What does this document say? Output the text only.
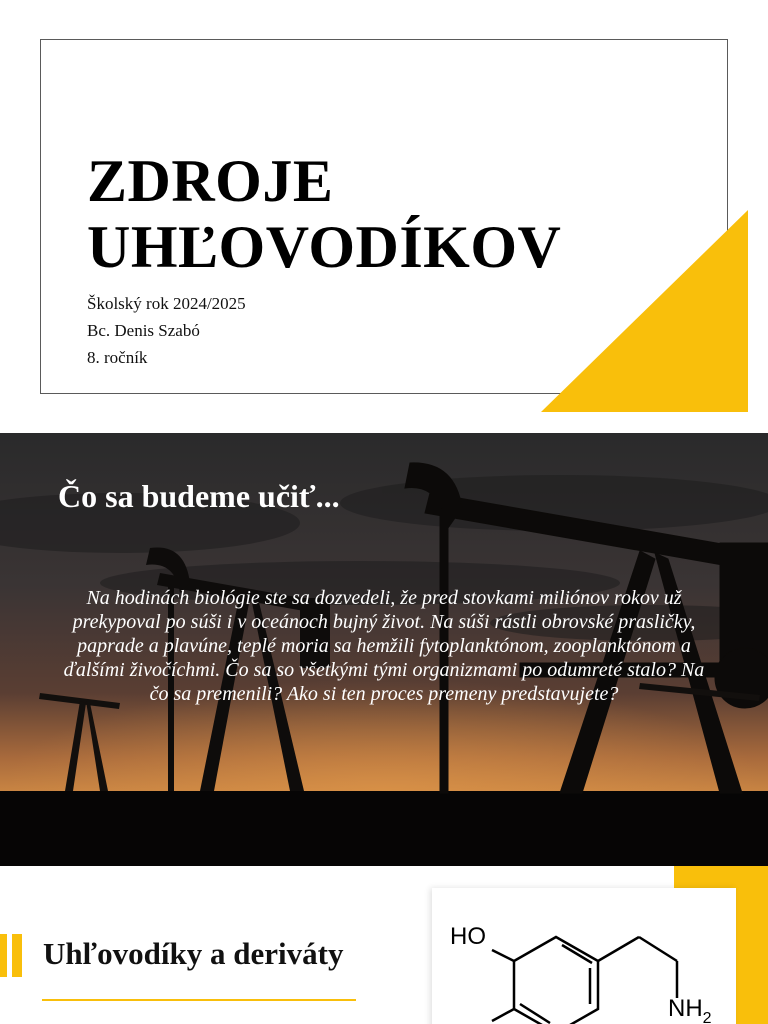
ZDROJE
UHĽOVODÍKOV
Školský rok 2024/2025
Bc. Denis Szabó
8. ročník
Čo sa budeme učiť...

Na hodinách biológie ste sa dozvedeli, že pred stovkami miliónov rokov už prekypoval po súši i v oceánoch bujný život. Na súši rástli obrovské prasličky, paprade a plavúne, teplé moria sa hemžili fytoplanktónom, zooplanktónom a ďalšími živočíchmi. Čo sa so všetkými tými organizmami po odumreté stalo? Na čo sa premenili? Ako si ten proces premeny predstavujete?

Uhľovodíky a deriváty	HO
$NH_2$
